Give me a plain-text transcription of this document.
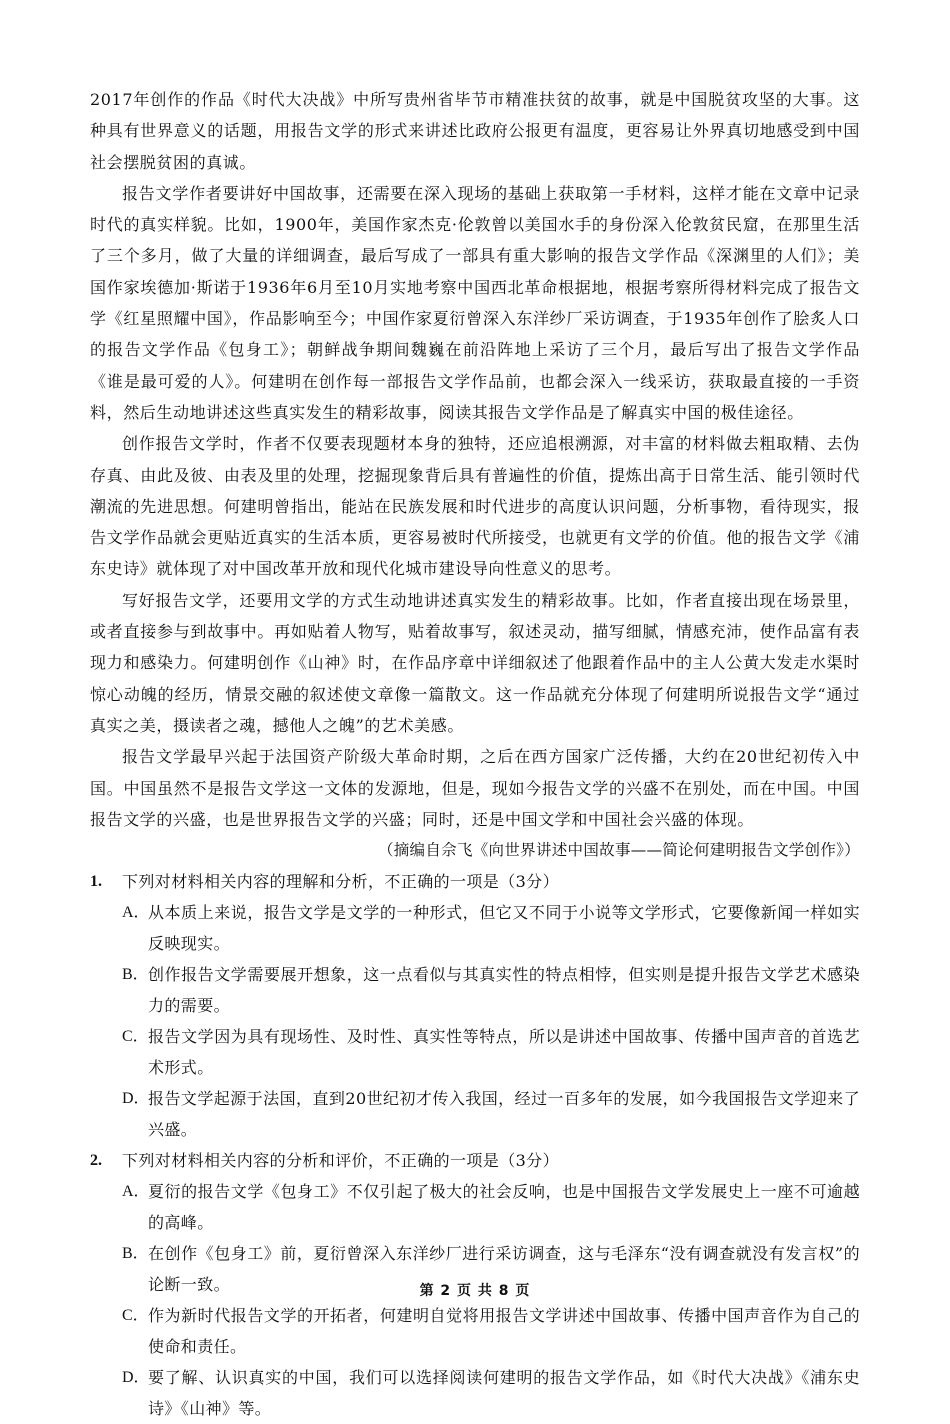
2017年创作的作品《时代大决战》中所写贵州省毕节市精准扶贫的故事，就是中国脱贫攻坚的大事。这种具有世界意义的话题，用报告文学的形式来讲述比政府公报更有温度，更容易让外界真切地感受到中国社会摆脱贫困的真诚。

报告文学作者要讲好中国故事，还需要在深入现场的基础上获取第一手材料，这样才能在文章中记录时代的真实样貌。比如，1900年，美国作家杰克·伦敦曾以美国水手的身份深入伦敦贫民窟，在那里生活了三个多月，做了大量的详细调查，最后写成了一部具有重大影响的报告文学作品《深渊里的人们》；美国作家埃德加·斯诺于1936年6月至10月实地考察中国西北革命根据地，根据考察所得材料完成了报告文学《红星照耀中国》，作品影响至今；中国作家夏衍曾深入东洋纱厂采访调查，于1935年创作了脍炙人口的报告文学作品《包身工》；朝鲜战争期间魏巍在前沿阵地上采访了三个月，最后写出了报告文学作品《谁是最可爱的人》。何建明在创作每一部报告文学作品前，也都会深入一线采访，获取最直接的一手资料，然后生动地讲述这些真实发生的精彩故事，阅读其报告文学作品是了解真实中国的极佳途径。

创作报告文学时，作者不仅要表现题材本身的独特，还应追根溯源，对丰富的材料做去粗取精、去伪存真、由此及彼、由表及里的处理，挖掘现象背后具有普遍性的价值，提炼出高于日常生活、能引领时代潮流的先进思想。何建明曾指出，能站在民族发展和时代进步的高度认识问题，分析事物，看待现实，报告文学作品就会更贴近真实的生活本质，更容易被时代所接受，也就更有文学的价值。他的报告文学《浦东史诗》就体现了对中国改革开放和现代化城市建设导向性意义的思考。

写好报告文学，还要用文学的方式生动地讲述真实发生的精彩故事。比如，作者直接出现在场景里，或者直接参与到故事中。再如贴着人物写，贴着故事写，叙述灵动，描写细腻，情感充沛，使作品富有表现力和感染力。何建明创作《山神》时，在作品序章中详细叙述了他跟着作品中的主人公黄大发走水渠时惊心动魄的经历，情景交融的叙述使文章像一篇散文。这一作品就充分体现了何建明所说报告文学“通过真实之美，摄读者之魂，撼他人之魄”的艺术美感。

报告文学最早兴起于法国资产阶级大革命时期，之后在西方国家广泛传播，大约在20世纪初传入中国。中国虽然不是报告文学这一文体的发源地，但是，现如今报告文学的兴盛不在别处，而在中国。中国报告文学的兴盛，也是世界报告文学的兴盛；同时，还是中国文学和中国社会兴盛的体现。

（摘编自佘飞《向世界讲述中国故事——简论何建明报告文学创作》）

1. 下列对材料相关内容的理解和分析，不正确的一项是（3分）

A．

从本质上来说，报告文学是文学的一种形式，但它又不同于小说等文学形式，它要像新闻一样如实反映现实。

B． 创作报告文学需要展开想象，这一点看似与其真实性的特点相悖，但实则是提升报告文学艺术感染力的需要。

C． 报告文学因为具有现场性、及时性、真实性等特点，所以是讲述中国故事、传播中国声音的首选艺术形式。

D．

报告文学起源于法国，直到20世纪初才传入我国，经过一百多年的发展，如今我国报告文学迎来了兴盛。

2. 下列对材料相关内容的分析和评价，不正确的一项是（3分）

A．

夏衍的报告文学《包身工》不仅引起了极大的社会反响，也是中国报告文学发展史上一座不可逾越的高峰。

B． 在创作《包身工》前，夏衍曾深入东洋纱厂进行采访调查，这与毛泽东“没有调查就没有发言权”的论断一致。

C． 作为新时代报告文学的开拓者，何建明自觉将用报告文学讲述中国故事、传播中国声音作为自己的使命和责任。

D．

要了解、认识真实的中国，我们可以选择阅读何建明的报告文学作品，如《时代大决战》《浦东史诗》《山神》等。

第 2 页 共 8 页
